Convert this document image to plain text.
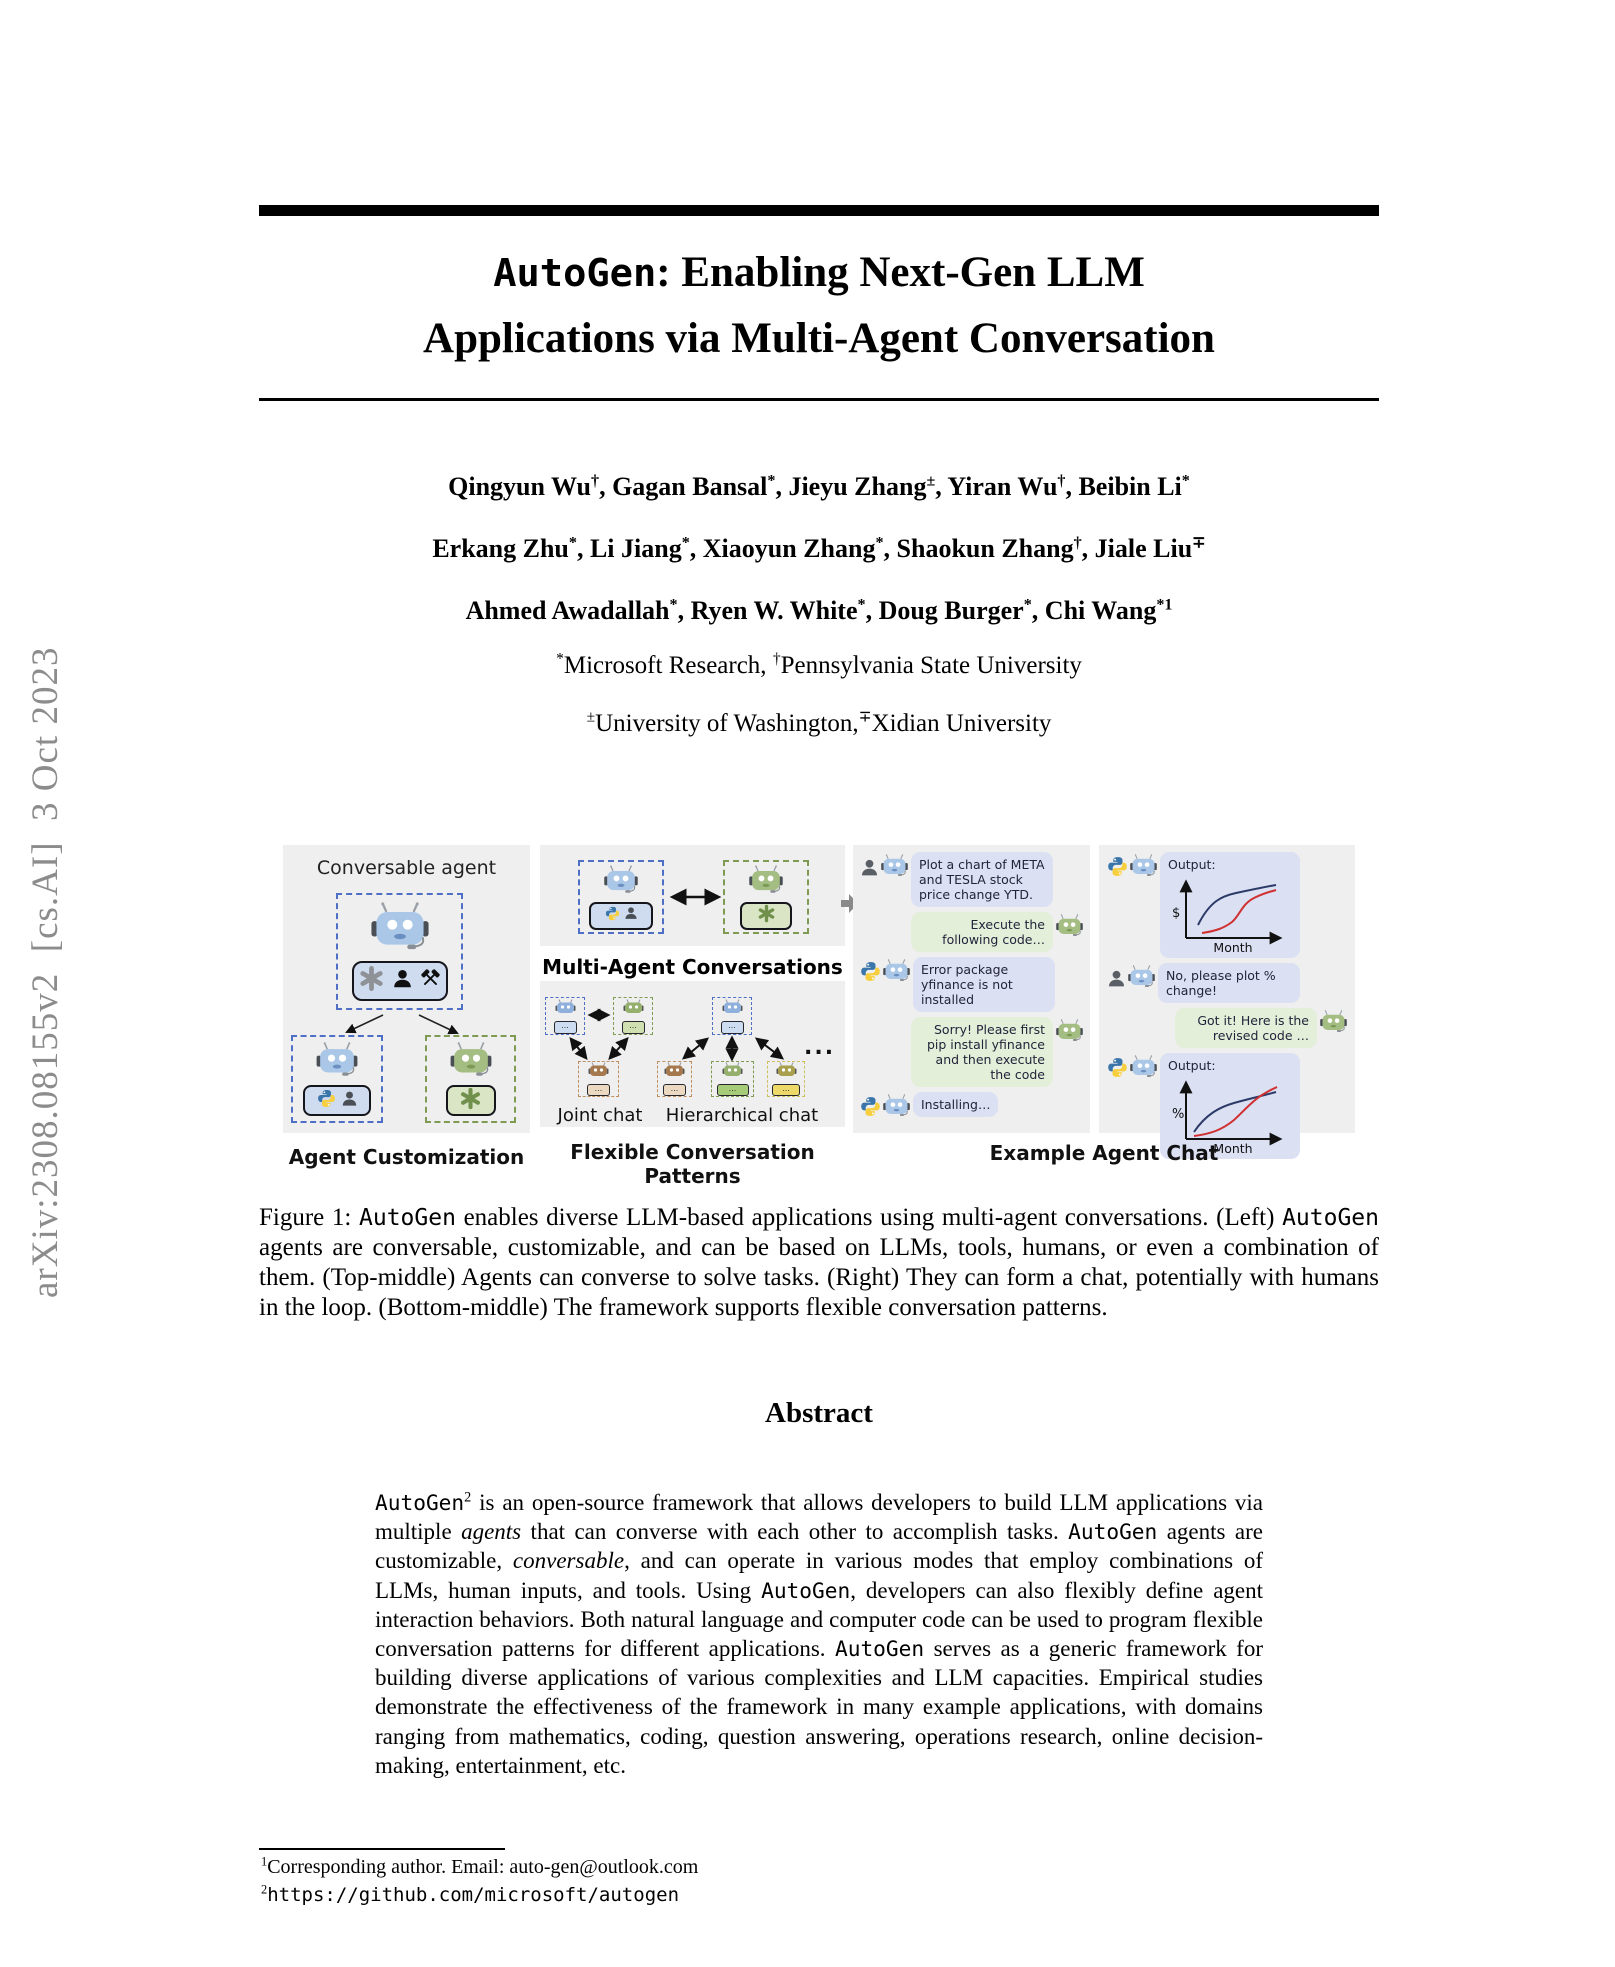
arXiv:2308.08155v2  [cs.AI]  3 Oct 2023
AutoGen: Enabling Next-Gen LLM
Applications via Multi-Agent Conversation
Conversable agent
Agent Customization
Multi-Agent Conversations
...	...
...
...
...	...	...
Joint chat	Hierarchical chat
...
Flexible Conversation Patterns
Plot a chart of META and TESLA stock price change YTD.
Execute the following code…
Error package yfinance is not installed
Sorry! Please first pip install yfinance and then execute the code
Installing…
Output:
$
Month
No, please plot % change!
Got it! Here is the revised code …
Output:
%
Month
Example Agent Chat
Figure 1: AutoGen enables diverse LLM-based applications using multi-agent conversations. (Left) AutoGen agents are conversable, customizable, and can be based on LLMs, tools, humans, or even a combination of them. (Top-middle) Agents can converse to solve tasks. (Right) They can form a chat, potentially with humans in the loop. (Bottom-middle) The framework supports flexible conversation patterns.
Abstract
AutoGen$^2$ is an open-source framework that allows developers to build LLM applications via multiple agents that can converse with each other to accomplish tasks. AutoGen agents are customizable, conversable, and can operate in various modes that employ combinations of LLMs, human inputs, and tools. Using AutoGen, developers can also flexibly define agent interaction behaviors. Both natural language and computer code can be used to program flexible conversation patterns for different applications. AutoGen serves as a generic framework for building diverse applications of various complexities and LLM capacities. Empirical studies demonstrate the effectiveness of the framework in many example applications, with domains ranging from mathematics, coding, question answering, operations research, online decision-making, entertainment, etc.
$^1$Corresponding author. Email: auto-gen@outlook.com
$^2$https://github.com/microsoft/autogen
Qingyun Wu†, Gagan Bansal*, Jieyu Zhang±, Yiran Wu†, Beibin Li*
Erkang Zhu*, Li Jiang*, Xiaoyun Zhang*, Shaokun Zhang†, Jiale Liu∓
Ahmed Awadallah*, Ryen W. White*, Doug Burger*, Chi Wang$^{*1}$
*Microsoft Research, †Pennsylvania State University
±University of Washington,∓Xidian University
